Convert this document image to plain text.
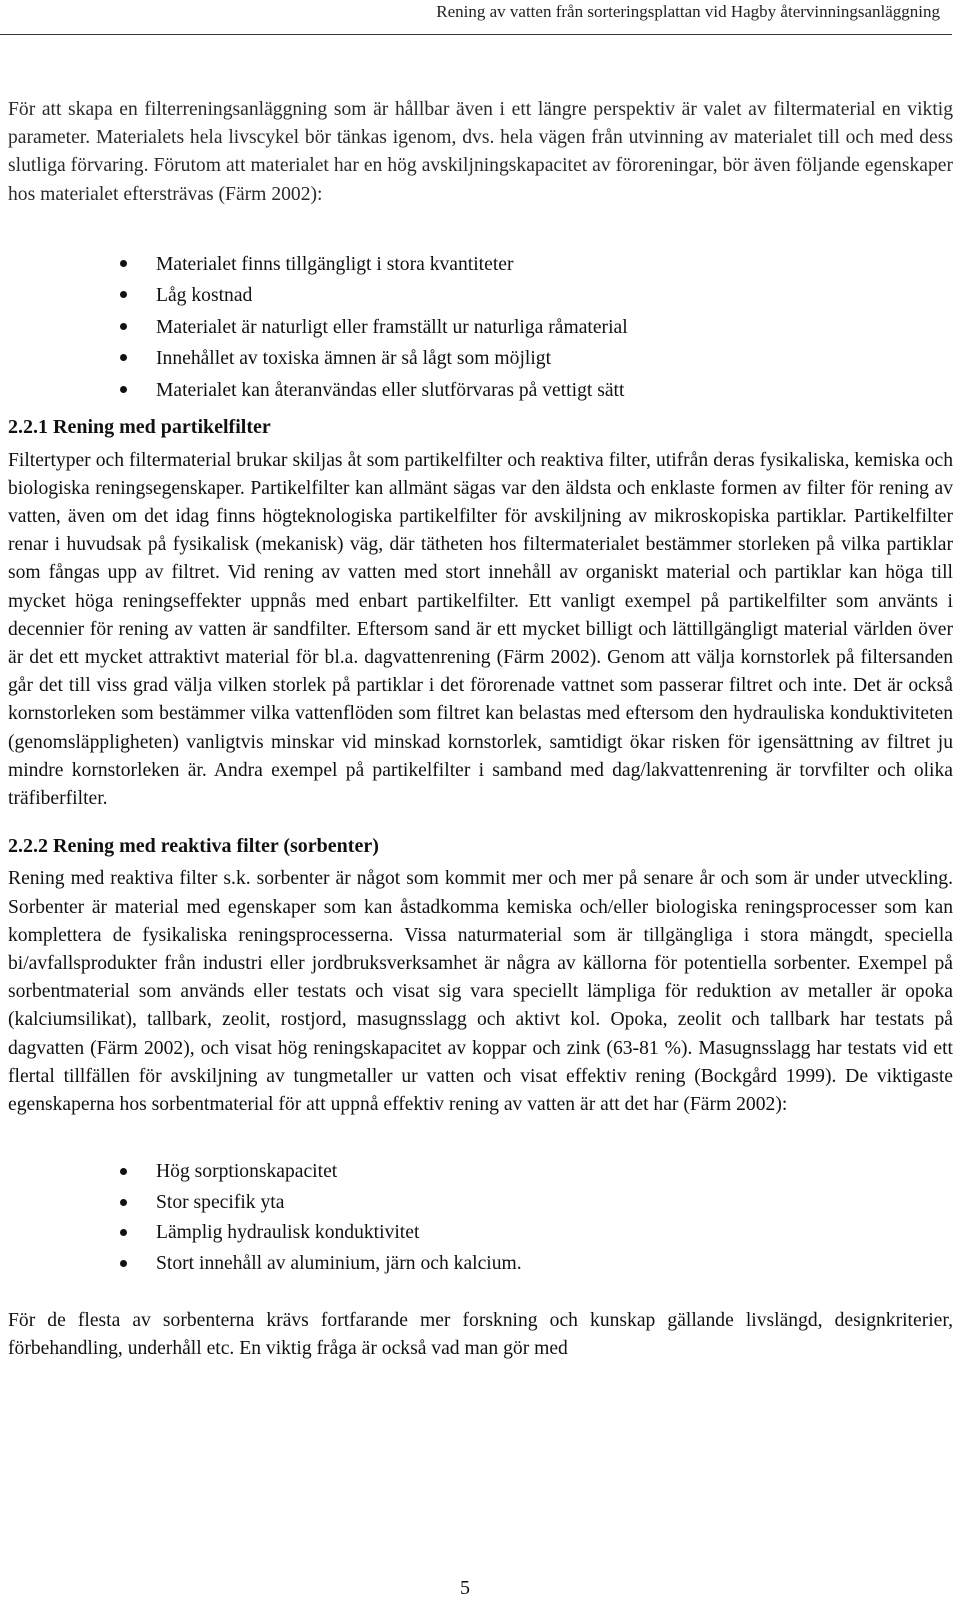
Rening av vatten från sorteringsplattan vid Hagby återvinningsanläggning

För att skapa en filterreningsanläggning som är hållbar även i ett längre perspektiv är valet av filtermaterial en viktig parameter. Materialets hela livscykel bör tänkas igenom, dvs. hela vägen från utvinning av materialet till och med dess slutliga förvaring. Förutom att materialet har en hög avskiljningskapacitet av föroreningar, bör även följande egenskaper hos materialet eftersträvas (Färm 2002):

Materialet finns tillgängligt i stora kvantiteter
Låg kostnad
Materialet är naturligt eller framställt ur naturliga råmaterial
Innehållet av toxiska ämnen är så lågt som möjligt
Materialet kan återanvändas eller slutförvaras på vettigt sätt
2.2.1 Rening med partikelfilter

Filtertyper och filtermaterial brukar skiljas åt som partikelfilter och reaktiva filter, utifrån deras fysikaliska, kemiska och biologiska reningsegenskaper. Partikelfilter kan allmänt sägas var den äldsta och enklaste formen av filter för rening av vatten, även om det idag finns högteknologiska partikelfilter för avskiljning av mikroskopiska partiklar. Partikelfilter renar i huvudsak på fysikalisk (mekanisk) väg, där tätheten hos filtermaterialet bestämmer storleken på vilka partiklar som fångas upp av filtret. Vid rening av vatten med stort innehåll av organiskt material och partiklar kan höga till mycket höga reningseffekter uppnås med enbart partikelfilter. Ett vanligt exempel på partikelfilter som använts i decennier för rening av vatten är sandfilter. Eftersom sand är ett mycket billigt och lättillgängligt material världen över är det ett mycket attraktivt material för bl.a. dagvattenrening (Färm 2002). Genom att välja kornstorlek på filtersanden går det till viss grad välja vilken storlek på partiklar i det förorenade vattnet som passerar filtret och inte. Det är också kornstorleken som bestämmer vilka vattenflöden som filtret kan belastas med eftersom den hydrauliska konduktiviteten (genomsläppligheten) vanligtvis minskar vid minskad kornstorlek, samtidigt ökar risken för igensättning av filtret ju mindre kornstorleken är. Andra exempel på partikelfilter i samband med dag/lakvattenrening är torvfilter och olika träfiberfilter.

2.2.2 Rening med reaktiva filter (sorbenter)

Rening med reaktiva filter s.k. sorbenter är något som kommit mer och mer på senare år och som är under utveckling. Sorbenter är material med egenskaper som kan åstadkomma kemiska och/eller biologiska reningsprocesser som kan komplettera de fysikaliska reningsprocesserna. Vissa naturmaterial som är tillgängliga i stora mängdt, speciella bi/avfallsprodukter från industri eller jordbruksverksamhet är några av källorna för potentiella sorbenter. Exempel på sorbentmaterial som används eller testats och visat sig vara speciellt lämpliga för reduktion av metaller är opoka (kalciumsilikat), tallbark, zeolit, rostjord, masugnsslagg och aktivt kol. Opoka, zeolit och tallbark har testats på dagvatten (Färm 2002), och visat hög reningskapacitet av koppar och zink (63-81 %). Masugnsslagg har testats vid ett flertal tillfällen för avskiljning av tungmetaller ur vatten och visat effektiv rening (Bockgård 1999). De viktigaste egenskaperna hos sorbentmaterial för att uppnå effektiv rening av vatten är att det har (Färm 2002):

Hög sorptionskapacitet
Stor specifik yta
Lämplig hydraulisk konduktivitet
Stort innehåll av aluminium, järn och kalcium.

För de flesta av sorbenterna krävs fortfarande mer forskning och kunskap gällande livslängd, designkriterier, förbehandling, underhåll etc. En viktig fråga är också vad man gör med

5
